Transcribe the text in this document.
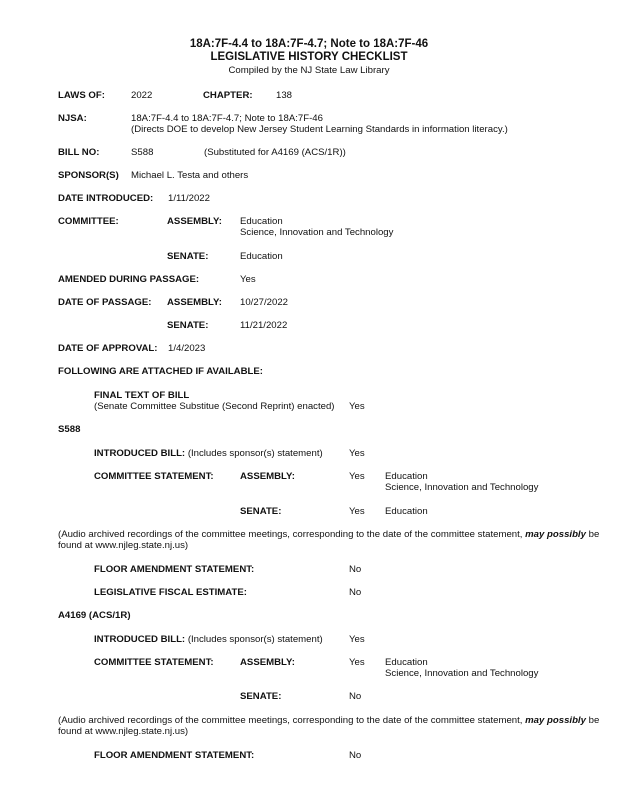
18A:7F-4.4 to 18A:7F-4.7; Note to 18A:7F-46
LEGISLATIVE HISTORY CHECKLIST
Compiled by the NJ State Law Library
LAWS OF:	2022	CHAPTER: 138
NJSA:	18A:7F-4.4 to 18A:7F-4.7; Note to 18A:7F-46
(Directs DOE to develop New Jersey Student Learning Standards in information literacy.)
BILL NO:	S588	(Substituted for A4169 (ACS/1R))
SPONSOR(S) Michael L. Testa and others
DATE INTRODUCED: 1/11/2022
COMMITTEE:	ASSEMBLY: Education
Science, Innovation and Technology
SENATE:	Education
AMENDED DURING PASSAGE:	Yes
DATE OF PASSAGE: ASSEMBLY: 10/27/2022
SENATE:	11/21/2022
DATE OF APPROVAL: 1/4/2023
FOLLOWING ARE ATTACHED IF AVAILABLE:
FINAL TEXT OF BILL
(Senate Committee Substitue (Second Reprint) enacted) Yes
S588
INTRODUCED BILL: (Includes sponsor(s) statement)	Yes
COMMITTEE STATEMENT:	ASSEMBLY:	Yes Education
Science, Innovation and Technology
SENATE:	Yes Education
(Audio archived recordings of the committee meetings, corresponding to the date of the committee statement, may possibly be found at www.njleg.state.nj.us)
FLOOR AMENDMENT STATEMENT:	No
LEGISLATIVE FISCAL ESTIMATE:	No
A4169 (ACS/1R)
INTRODUCED BILL: (Includes sponsor(s) statement)	Yes
COMMITTEE STATEMENT:	ASSEMBLY:	Yes Education
Science, Innovation and Technology
SENATE:	No
(Audio archived recordings of the committee meetings, corresponding to the date of the committee statement, may possibly be found at www.njleg.state.nj.us)
FLOOR AMENDMENT STATEMENT:	No
